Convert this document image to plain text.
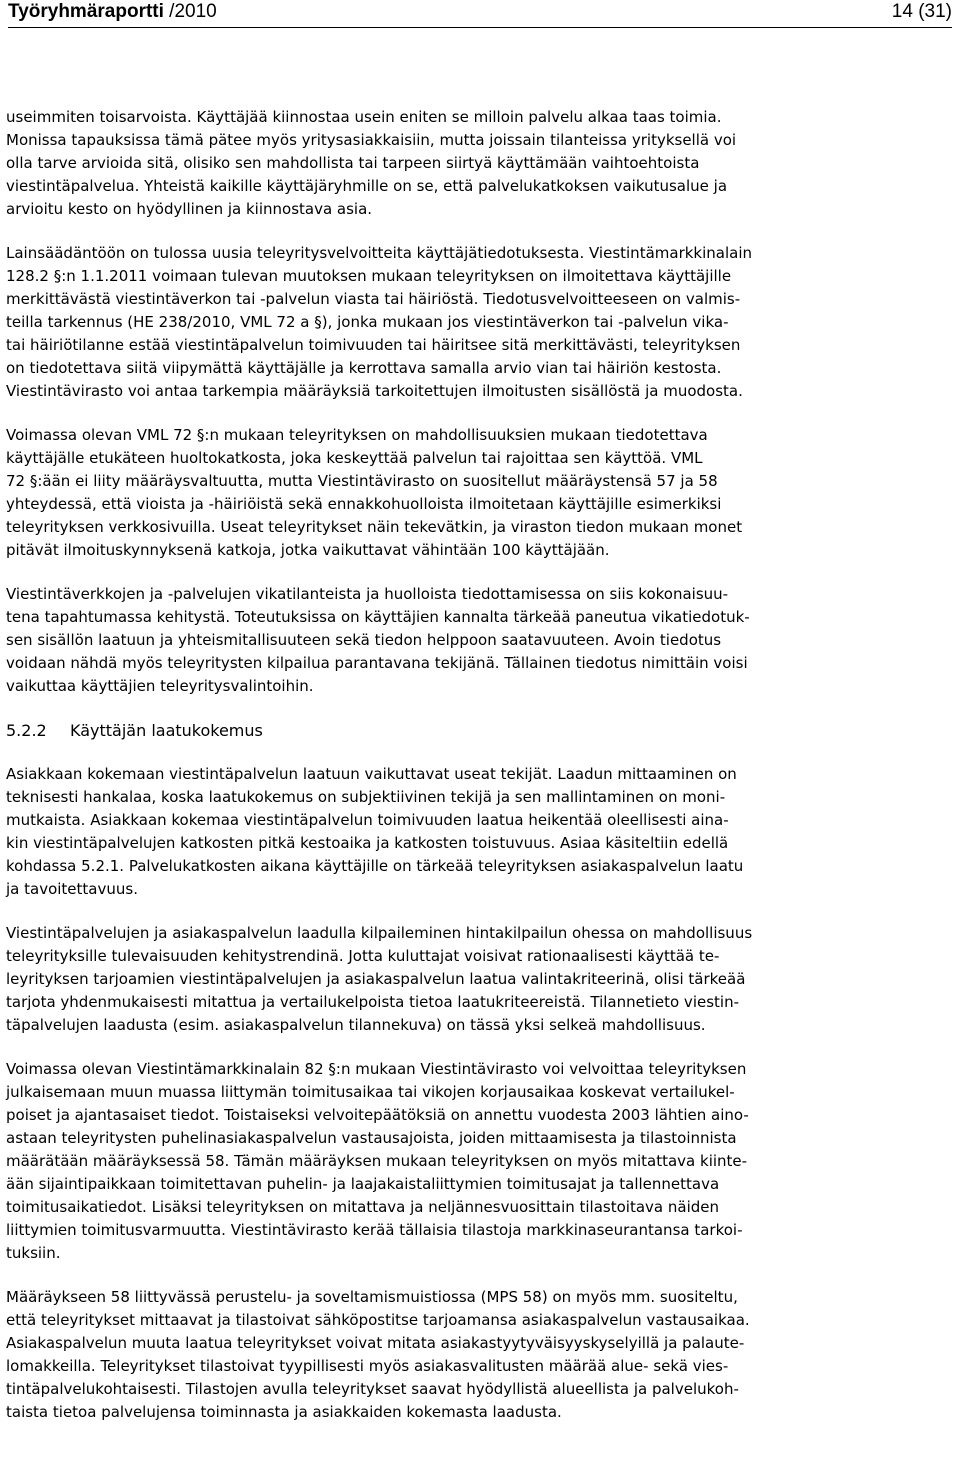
Työryhmäraportti /2010	14 (31)
useimmiten toisarvoista. Käyttäjää kiinnostaa usein eniten se milloin palvelu alkaa taas toimia.
Monissa tapauksissa tämä pätee myös yritysasiakkaisiin, mutta joissain tilanteissa yrityksellä voi
olla tarve arvioida sitä, olisiko sen mahdollista tai tarpeen siirtyä käyttämään vaihtoehtoista
viestintäpalvelua. Yhteistä kaikille käyttäjäryhmille on se, että palvelukatkoksen vaikutusalue ja
arvioitu kesto on hyödyllinen ja kiinnostava asia.
Lainsäädäntöön on tulossa uusia teleyritysvelvoitteita käyttäjätiedotuksesta. Viestintämarkkinalain
128.2 §:n 1.1.2011 voimaan tulevan muutoksen mukaan teleyrityksen on ilmoitettava käyttäjille
merkittävästä viestintäverkon tai -palvelun viasta tai häiriöstä. Tiedotusvelvoitteeseen on valmis-
teilla tarkennus (HE 238/2010, VML 72 a §), jonka mukaan jos viestintäverkon tai -palvelun vika-
tai häiriötilanne estää viestintäpalvelun toimivuuden tai häiritsee sitä merkittävästi, teleyrityksen
on tiedotettava siitä viipymättä käyttäjälle ja kerrottava samalla arvio vian tai häiriön kestosta.
Viestintävirasto voi antaa tarkempia määräyksiä tarkoitettujen ilmoitusten sisällöstä ja muodosta.
Voimassa olevan VML 72 §:n mukaan teleyrityksen on mahdollisuuksien mukaan tiedotettava
käyttäjälle etukäteen huoltokatkosta, joka keskeyttää palvelun tai rajoittaa sen käyttöä. VML
72 §:ään ei liity määräysvaltuutta, mutta Viestintävirasto on suositellut määräystensä 57 ja 58
yhteydessä, että vioista ja -häiriöistä sekä ennakkohuolloista ilmoitetaan käyttäjille esimerkiksi
teleyrityksen verkkosivuilla. Useat teleyritykset näin tekevätkin, ja viraston tiedon mukaan monet
pitävät ilmoituskynnyksenä katkoja, jotka vaikuttavat vähintään 100 käyttäjään.
Viestintäverkkojen ja -palvelujen vikatilanteista ja huolloista tiedottamisessa on siis kokonaisuu-
tena tapahtumassa kehitystä. Toteutuksissa on käyttäjien kannalta tärkeää paneutua vikatiedotuk-
sen sisällön laatuun ja yhteismitallisuuteen sekä tiedon helppoon saatavuuteen. Avoin tiedotus
voidaan nähdä myös teleyritysten kilpailua parantavana tekijänä. Tällainen tiedotus nimittäin voisi
vaikuttaa käyttäjien teleyritysvalintoihin.
5.2.2 Käyttäjän laatukokemus
Asiakkaan kokemaan viestintäpalvelun laatuun vaikuttavat useat tekijät. Laadun mittaaminen on
teknisesti hankalaa, koska laatukokemus on subjektiivinen tekijä ja sen mallintaminen on moni-
mutkaista. Asiakkaan kokemaa viestintäpalvelun toimivuuden laatua heikentää oleellisesti aina-
kin viestintäpalvelujen katkosten pitkä kestoaika ja katkosten toistuvuus. Asiaa käsiteltiin edellä
kohdassa 5.2.1. Palvelukatkosten aikana käyttäjille on tärkeää teleyrityksen asiakaspalvelun laatu
ja tavoitettavuus.
Viestintäpalvelujen ja asiakaspalvelun laadulla kilpaileminen hintakilpailun ohessa on mahdollisuus
teleyrityksille tulevaisuuden kehitystrendinä. Jotta kuluttajat voisivat rationaalisesti käyttää te-
leyrityksen tarjoamien viestintäpalvelujen ja asiakaspalvelun laatua valintakriteerinä, olisi tärkeää
tarjota yhdenmukaisesti mitattua ja vertailukelpoista tietoa laatukriteereistä. Tilannetieto viestin-
täpalvelujen laadusta (esim. asiakaspalvelun tilannekuva) on tässä yksi selkeä mahdollisuus.
Voimassa olevan Viestintämarkkinalain 82 §:n mukaan Viestintävirasto voi velvoittaa teleyrityksen
julkaisemaan muun muassa liittymän toimitusaikaa tai vikojen korjausaikaa koskevat vertailukel-
poiset ja ajantasaiset tiedot. Toistaiseksi velvoitepäätöksiä on annettu vuodesta 2003 lähtien aino-
astaan teleyritysten puhelinasiakaspalvelun vastausajoista, joiden mittaamisesta ja tilastoinnista
määrätään määräyksessä 58. Tämän määräyksen mukaan teleyrityksen on myös mitattava kiinte-
ään sijaintipaikkaan toimitettavan puhelin- ja laajakaistaliittymien toimitusajat ja tallennettava
toimitusaikatiedot. Lisäksi teleyrityksen on mitattava ja neljännesvuosittain tilastoitava näiden
liittymien toimitusvarmuutta. Viestintävirasto kerää tällaisia tilastoja markkinaseurantansa tarkoi-
tuksiin.
Määräykseen 58 liittyvässä perustelu- ja soveltamismuistiossa (MPS 58) on myös mm. suositeltu,
että teleyritykset mittaavat ja tilastoivat sähköpostitse tarjoamansa asiakaspalvelun vastausaikaa.
Asiakaspalvelun muuta laatua teleyritykset voivat mitata asiakastyytyväisyyskyselyillä ja palaute-
lomakkeilla. Teleyritykset tilastoivat tyypillisesti myös asiakasvalitusten määrää alue- sekä vies-
tintäpalvelukohtaisesti. Tilastojen avulla teleyritykset saavat hyödyllistä alueellista ja palvelukoh-
taista tietoa palvelujensa toiminnasta ja asiakkaiden kokemasta laadusta.
